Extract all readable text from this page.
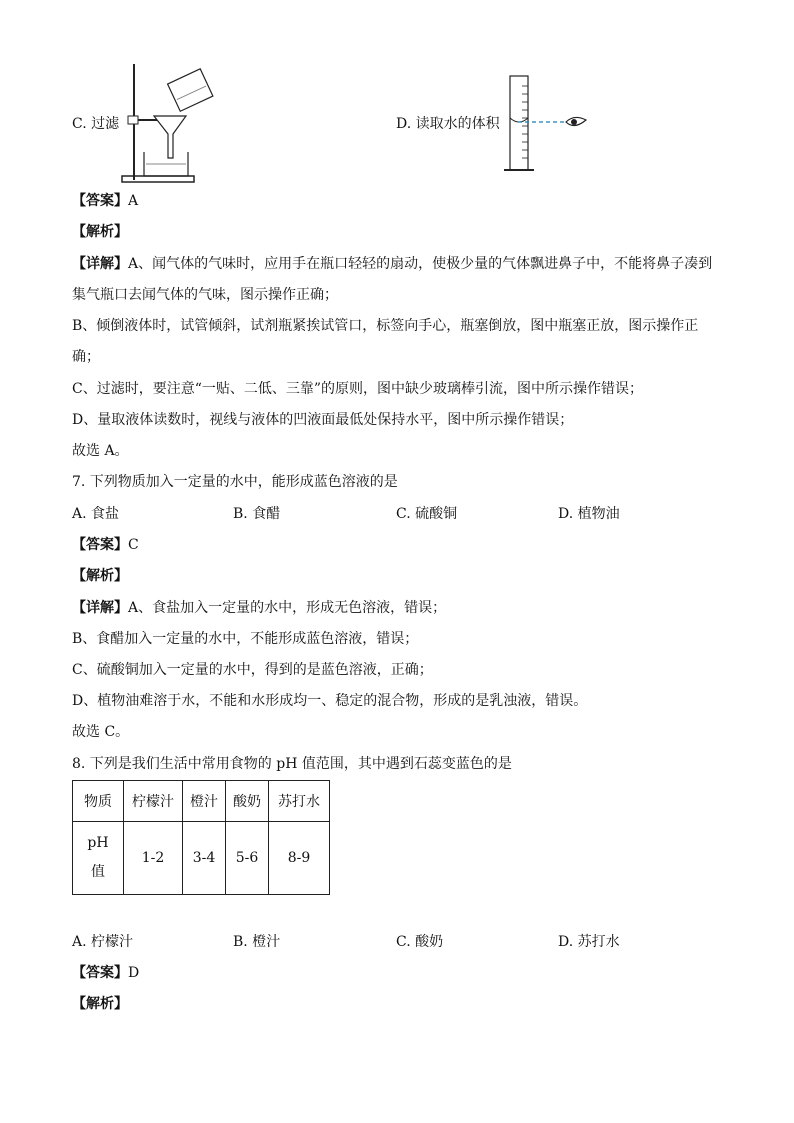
C. 过滤	D. 读取水的体积
【答案】A
【解析】
【详解】A、闻气体的气味时，应用手在瓶口轻轻的扇动，使极少量的气体飘进鼻子中，不能将鼻子凑到
集气瓶口去闻气体的气味，图示操作正确；
B、倾倒液体时，试管倾斜，试剂瓶紧挨试管口，标签向手心，瓶塞倒放，图中瓶塞正放，图示操作正
确；
C、过滤时，要注意“一贴、二低、三靠”的原则，图中缺少玻璃棒引流，图中所示操作错误；
D、量取液体读数时，视线与液体的凹液面最低处保持水平，图中所示操作错误；
故选 A。
7. 下列物质加入一定量的水中，能形成蓝色溶液的是
A. 食盐	B. 食醋	C. 硫酸铜	D. 植物油
【答案】C
【解析】
【详解】A、食盐加入一定量的水中，形成无色溶液，错误；
B、食醋加入一定量的水中，不能形成蓝色溶液，错误；
C、硫酸铜加入一定量的水中，得到的是蓝色溶液，正确；
D、植物油难溶于水，不能和水形成均一、稳定的混合物，形成的是乳浊液，错误。
故选 C。
8. 下列是我们生活中常用食物的 pH 值范围，其中遇到石蕊变蓝色的是
物质	柠檬汁	橙汁	酸奶	苏打水

pH
值	1-2	3-4	5-6	8-9
A. 柠檬汁	B. 橙汁	C. 酸奶	D. 苏打水
【答案】D
【解析】
